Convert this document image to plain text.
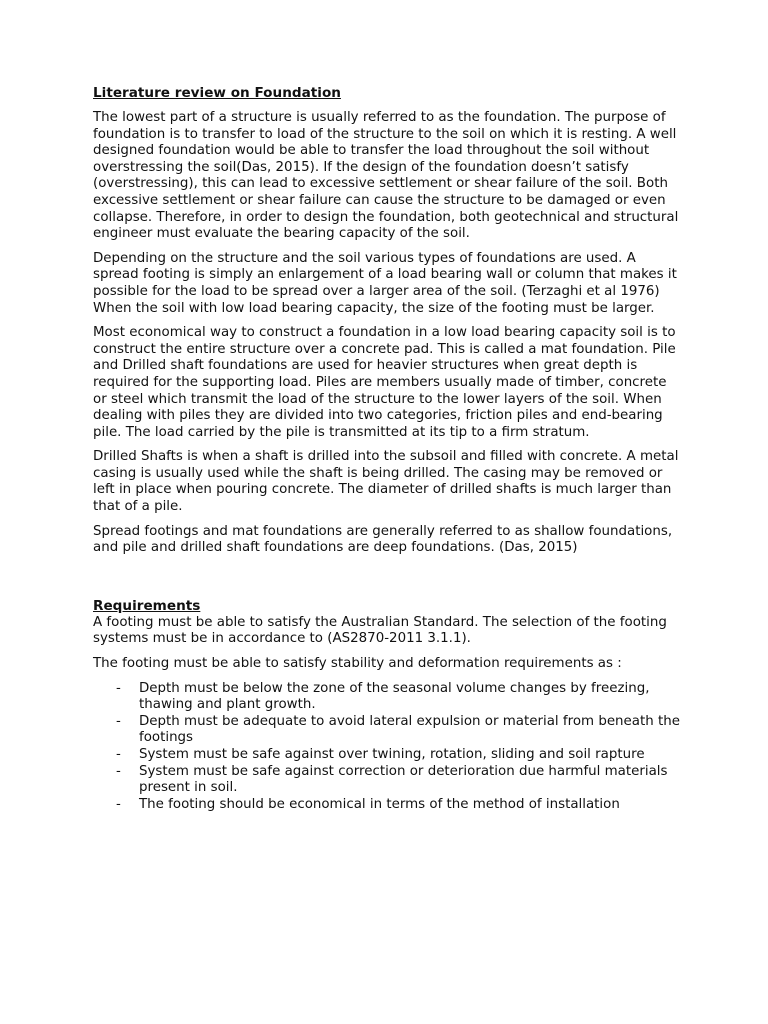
Literature review on Foundation

The lowest part of a structure is usually referred to as the foundation. The purpose of foundation is to transfer to load of the structure to the soil on which it is resting. A well designed foundation would be able to transfer the load throughout the soil without overstressing the soil(Das, 2015). If the design of the foundation doesn’t satisfy (overstressing), this can lead to excessive settlement or shear failure of the soil. Both excessive settlement or shear failure can cause the structure to be damaged or even collapse. Therefore, in order to design the foundation, both geotechnical and structural engineer must evaluate the bearing capacity of the soil.

Depending on the structure and the soil various types of foundations are used. A spread footing is simply an enlargement of a load bearing wall or column that makes it possible for the load to be spread over a larger area of the soil. (Terzaghi et al 1976) When the soil with low load bearing capacity, the size of the footing must be larger.

Most economical way to construct a foundation in a low load bearing capacity soil is to construct the entire structure over a concrete pad. This is called a mat foundation. Pile and Drilled shaft foundations are used for heavier structures when great depth is required for the supporting load. Piles are members usually made of timber, concrete or steel which transmit the load of the structure to the lower layers of the soil. When dealing with piles they are divided into two categories, friction piles and end-bearing pile. The load carried by the pile is transmitted at its tip to a firm stratum.

Drilled Shafts is when a shaft is drilled into the subsoil and filled with concrete. A metal casing is usually used while the shaft is being drilled. The casing may be removed or left in place when pouring concrete. The diameter of drilled shafts is much larger than that of a pile.

Spread footings and mat foundations are generally referred to as shallow foundations, and pile and drilled shaft foundations are deep foundations. (Das, 2015)

Requirements

A footing must be able to satisfy the Australian Standard. The selection of the footing systems must be in accordance to (AS2870-2011 3.1.1).

The footing must be able to satisfy stability and deformation requirements as :

- Depth must be below the zone of the seasonal volume changes by freezing, thawing and plant growth.
- Depth must be adequate to avoid lateral expulsion or material from beneath the footings
- System must be safe against over twining, rotation, sliding and soil rapture
- System must be safe against correction or deterioration due harmful materials present in soil.
- The footing should be economical in terms of the method of installation
